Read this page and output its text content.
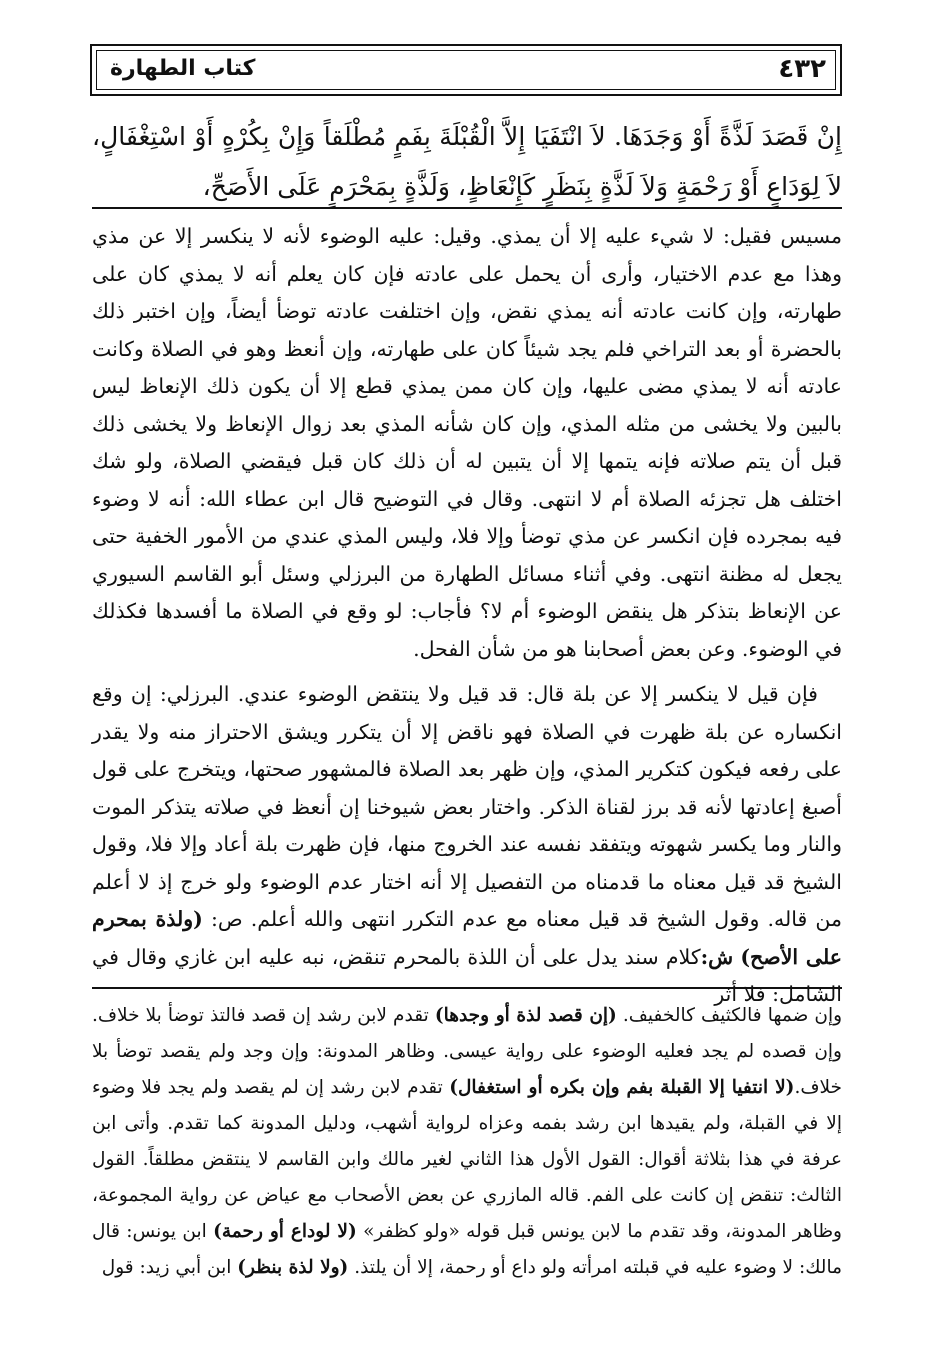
٤٣٢
كتاب الطهارة
إِنْ قَصَدَ لَذَّةً أَوْ وَجَدَهَا. لاَ انْتَفَيَا إِلاَّ الْقُبْلَةَ بِفَمٍ مُطْلَقاً وَإِنْ بِكُرْهٍ أَوْ اسْتِغْفَالٍ، لاَ لِوَدَاعٍ أَوْ رَحْمَةٍ وَلاَ لَذَّةٍ بِنَظَرٍ كَإِنْعَاظٍ، وَلَذَّةٍ بِمَحْرَمٍ عَلَى الأَصَحِّ،

مسيس فقيل: لا شيء عليه إلا أن يمذي. وقيل: عليه الوضوء لأنه لا ينكسر إلا عن مذي وهذا مع عدم الاختيار، وأرى أن يحمل على عادته فإن كان يعلم أنه لا يمذي كان على طهارته، وإن كانت عادته أنه يمذي نقض، وإن اختلفت عادته توضأ أيضاً، وإن اختبر ذلك بالحضرة أو بعد التراخي فلم يجد شيئاً كان على طهارته، وإن أنعظ وهو في الصلاة وكانت عادته أنه لا يمذي مضى عليها، وإن كان ممن يمذي قطع إلا أن يكون ذلك الإنعاظ ليس بالبين ولا يخشى من مثله المذي، وإن كان شأنه المذي بعد زوال الإنعاظ ولا يخشى ذلك قبل أن يتم صلاته فإنه يتمها إلا أن يتبين له أن ذلك كان قبل فيقضي الصلاة، ولو شك اختلف هل تجزئه الصلاة أم لا انتهى. وقال في التوضيح قال ابن عطاء الله: أنه لا وضوء فيه بمجرده فإن انكسر عن مذي توضأ وإلا فلا، وليس المذي عندي من الأمور الخفية حتى يجعل له مظنة انتهى. وفي أثناء مسائل الطهارة من البرزلي وسئل أبو القاسم السيوري عن الإنعاظ بتذكر هل ينقض الوضوء أم لا؟ فأجاب: لو وقع في الصلاة ما أفسدها فكذلك في الوضوء. وعن بعض أصحابنا هو من شأن الفحل.

فإن قيل لا ينكسر إلا عن بلة قال: قد قيل ولا ينتقض الوضوء عندي. البرزلي: إن وقع انكساره عن بلة ظهرت في الصلاة فهو ناقض إلا أن يتكرر ويشق الاحتراز منه ولا يقدر على رفعه فيكون كتكرير المذي، وإن ظهر بعد الصلاة فالمشهور صحتها، ويتخرج على قول أصبغ إعادتها لأنه قد برز لقناة الذكر. واختار بعض شيوخنا إن أنعظ في صلاته يتذكر الموت والنار وما يكسر شهوته ويتفقد نفسه عند الخروج منها، فإن ظهرت بلة أعاد وإلا فلا، وقول الشيخ قد قيل معناه ما قدمناه من التفصيل إلا أنه اختار عدم الوضوء ولو خرج إذ لا أعلم من قاله. وقول الشيخ قد قيل معناه مع عدم التكرر انتهى والله أعلم. ص: (ولذة بمحرم على الأصح) ش:كلام سند يدل على أن اللذة بالمحرم تنقض، نبه عليه ابن غازي وقال في الشامل: فلا أثر

وإن ضمها فالكثيف كالخفيف. (إن قصد لذة أو وجدها) تقدم لابن رشد إن قصد فالتذ توضأ بلا خلاف. وإن قصده لم يجد فعليه الوضوء على رواية عيسى. وظاهر المدونة: وإن وجد ولم يقصد توضأ بلا خلاف.(لا انتفيا إلا القبلة بفم وإن بكره أو استغفال) تقدم لابن رشد إن لم يقصد ولم يجد فلا وضوء إلا في القبلة، ولم يقيدها ابن رشد بفمه وعزاه لرواية أشهب، ودليل المدونة كما تقدم. وأتى ابن عرفة في هذا بثلاثة أقوال: القول الأول هذا الثاني لغير مالك وابن القاسم لا ينتقض مطلقاً. القول الثالث: تنقض إن كانت على الفم. قاله المازري عن بعض الأصحاب مع عياض عن رواية المجموعة، وظاهر المدونة، وقد تقدم ما لابن يونس قبل قوله «ولو كظفر» (لا لوداع أو رحمة) ابن يونس: قال مالك: لا وضوء عليه في قبلته امرأته ولو داع أو رحمة، إلا أن يلتذ. (ولا لذة بنظر) ابن أبي زيد: قول
